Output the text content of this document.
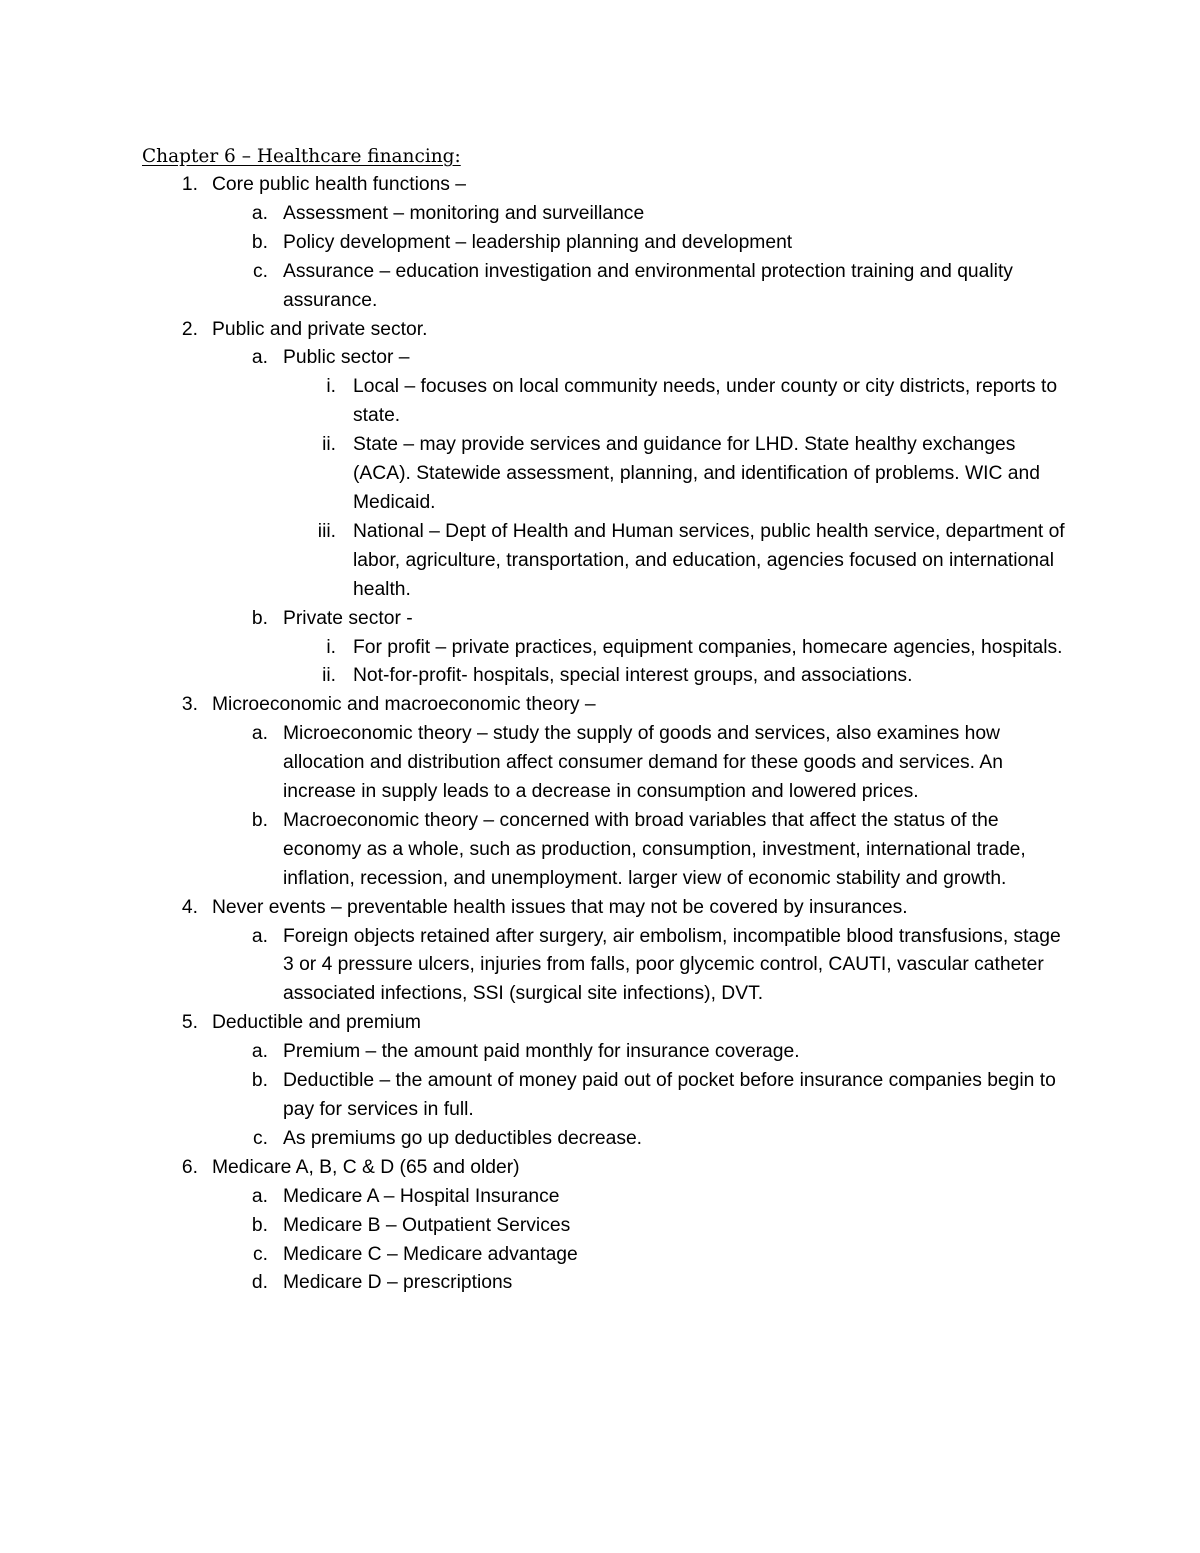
Chapter 6 – Healthcare financing:
1. Core public health functions –
a. Assessment – monitoring and surveillance
b. Policy development – leadership planning and development
c. Assurance – education investigation and environmental protection training and quality assurance.
2. Public and private sector.
a. Public sector –
i. Local – focuses on local community needs, under county or city districts, reports to state.
ii. State – may provide services and guidance for LHD. State healthy exchanges (ACA). Statewide assessment, planning, and identification of problems. WIC and Medicaid.
iii. National – Dept of Health and Human services, public health service, department of labor, agriculture, transportation, and education, agencies focused on international health.
b. Private sector -
i. For profit – private practices, equipment companies, homecare agencies, hospitals.
ii. Not-for-profit- hospitals, special interest groups, and associations.
3. Microeconomic and macroeconomic theory –
a. Microeconomic theory – study the supply of goods and services, also examines how allocation and distribution affect consumer demand for these goods and services. An increase in supply leads to a decrease in consumption and lowered prices.
b. Macroeconomic theory – concerned with broad variables that affect the status of the economy as a whole, such as production, consumption, investment, international trade, inflation, recession, and unemployment. larger view of economic stability and growth.
4. Never events – preventable health issues that may not be covered by insurances.
a. Foreign objects retained after surgery, air embolism, incompatible blood transfusions, stage 3 or 4 pressure ulcers, injuries from falls, poor glycemic control, CAUTI, vascular catheter associated infections, SSI (surgical site infections), DVT.
5. Deductible and premium
a. Premium – the amount paid monthly for insurance coverage.
b. Deductible – the amount of money paid out of pocket before insurance companies begin to pay for services in full.
c. As premiums go up deductibles decrease.
6. Medicare A, B, C & D (65 and older)
a. Medicare A – Hospital Insurance
b. Medicare B – Outpatient Services
c. Medicare C – Medicare advantage
d. Medicare D – prescriptions
